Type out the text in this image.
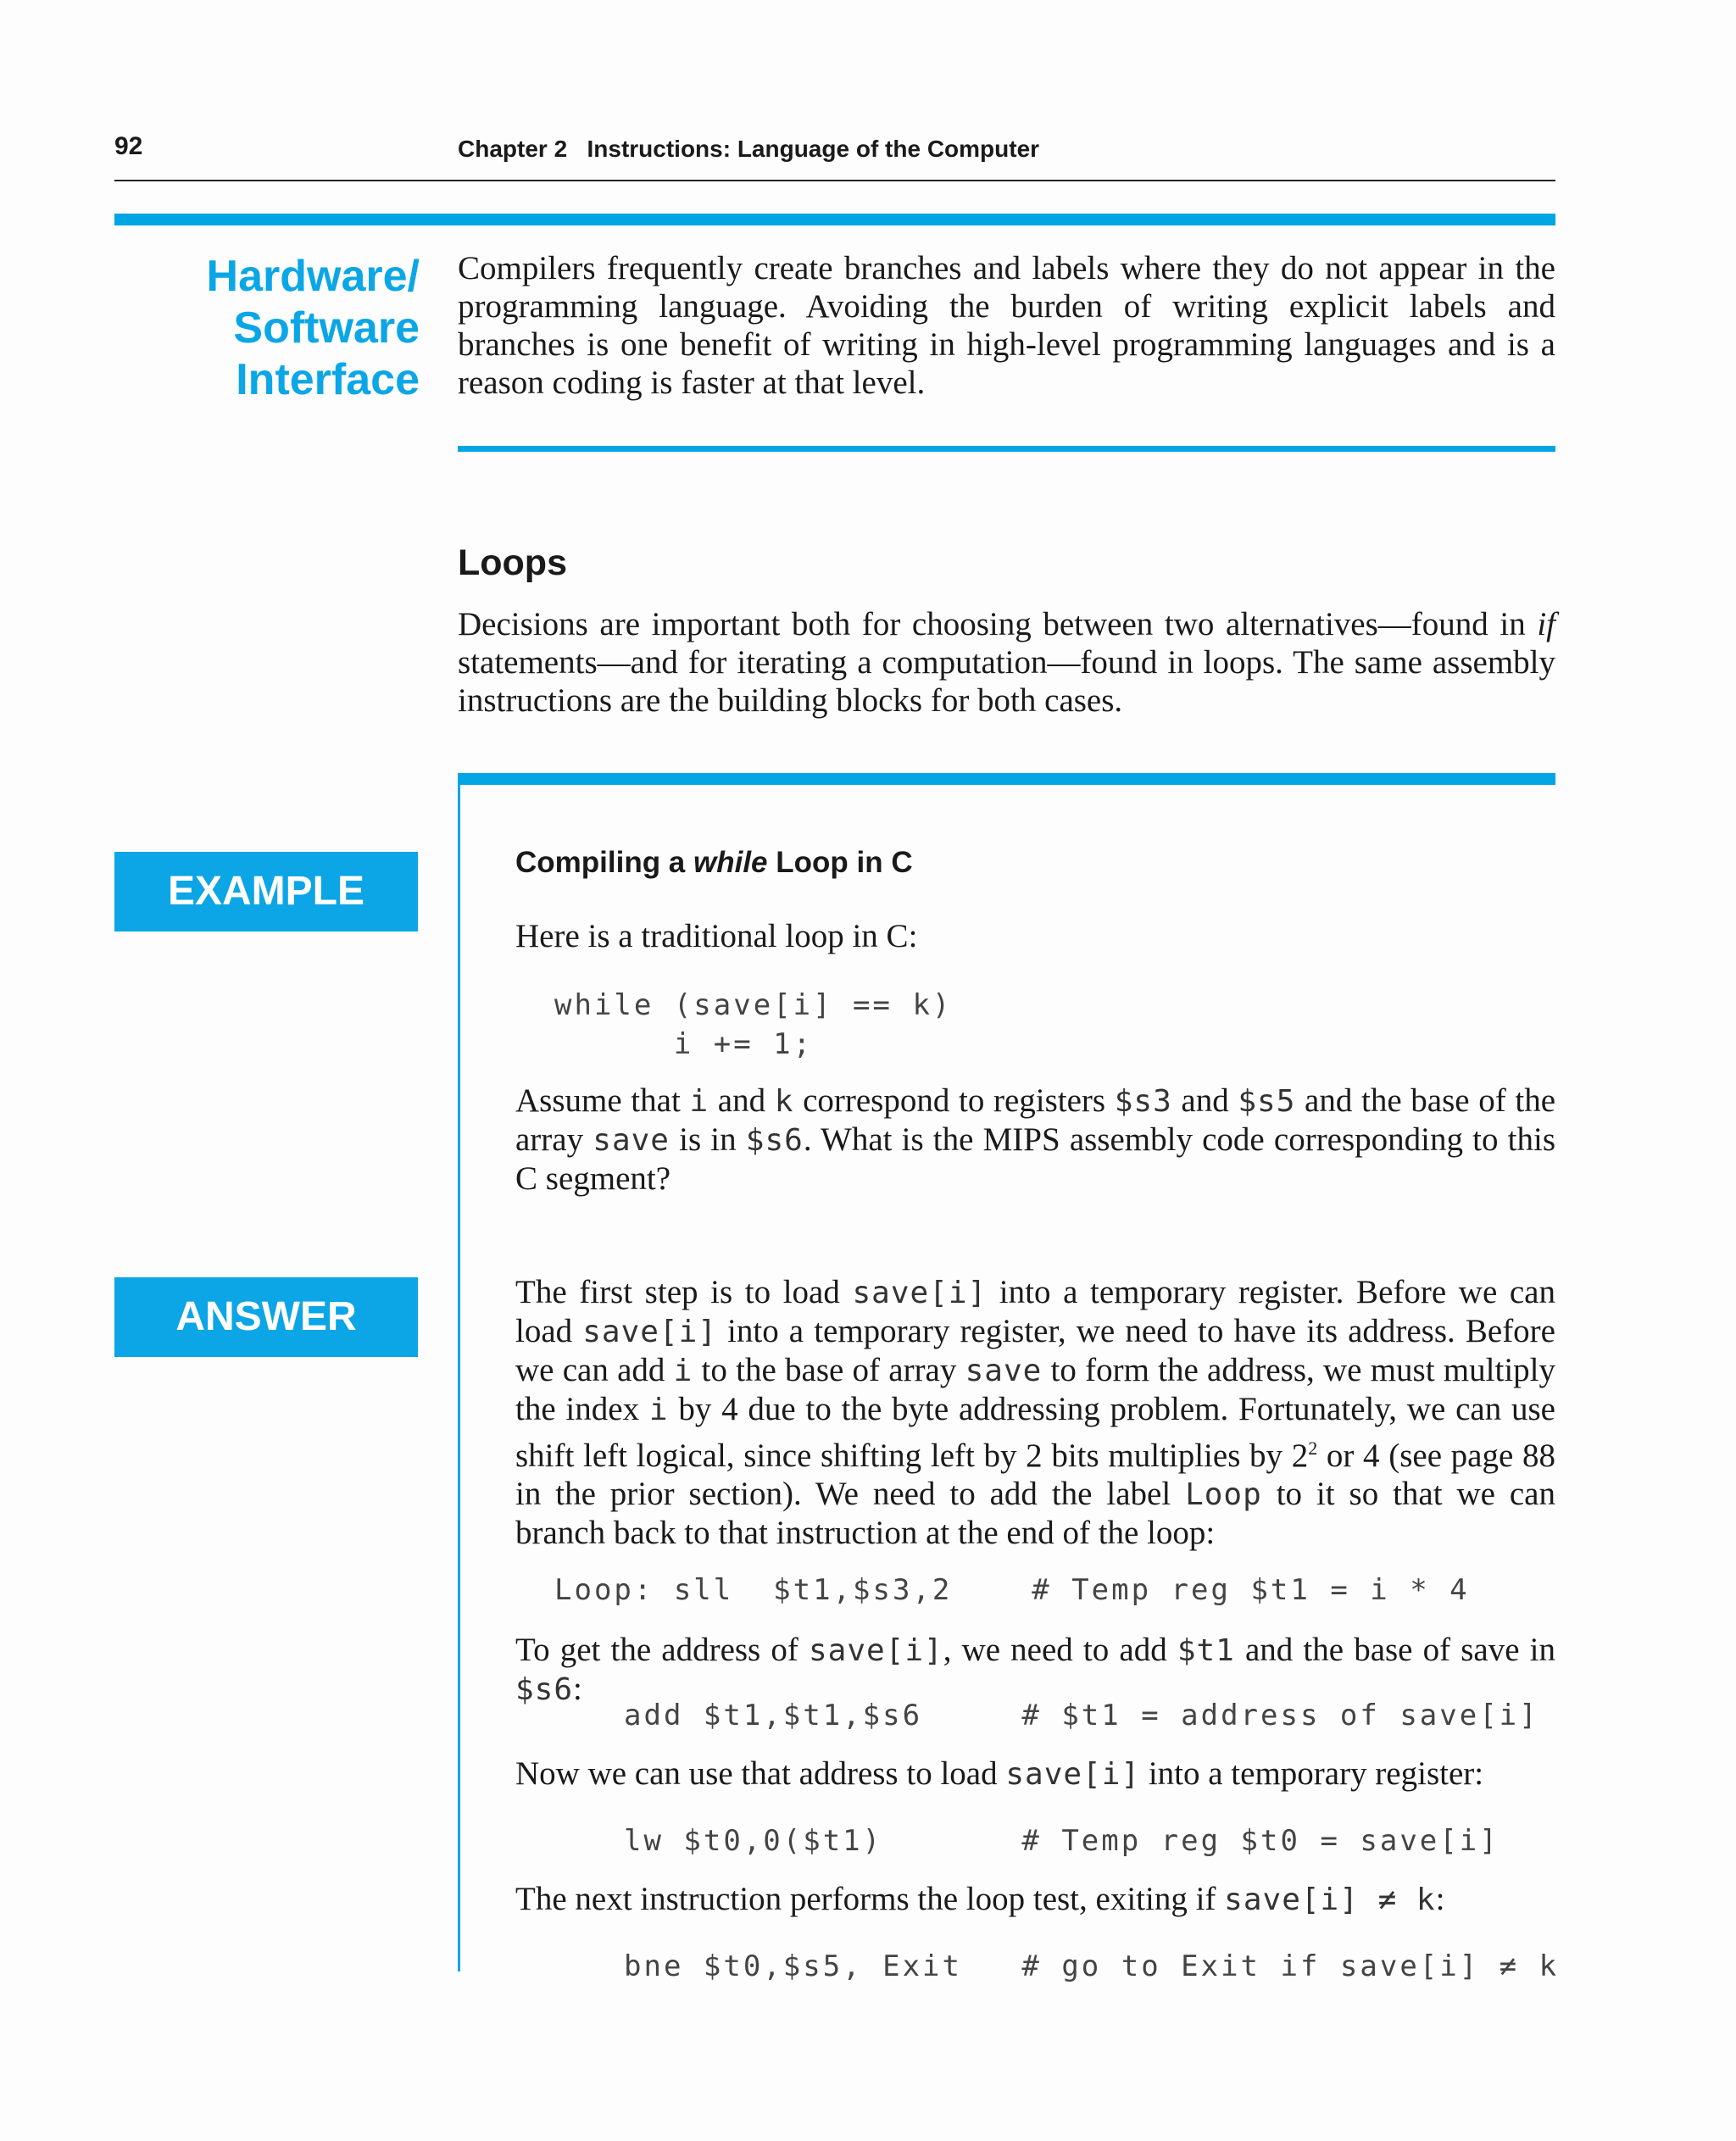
92	Chapter 2   Instructions: Language of the Computer
Hardware/
Software
Interface
Compilers frequently create branches and labels where they do not appear in the programming language. Avoiding the burden of writing explicit labels and branches is one benefit of writing in high-level programming languages and is a reason coding is faster at that level.
Loops
Decisions are important both for choosing between two alternatives—found in if statements—and for iterating a computation—found in loops. The same assembly instructions are the building blocks for both cases.
EXAMPLE
ANSWER
Compiling a while Loop in C
Here is a traditional loop in C:
while (save[i] == k)
i += 1;
Assume that i and k correspond to registers $s3 and $s5 and the base of the array save is in $s6. What is the MIPS assembly code corresponding to this C segment?
The first step is to load save[i] into a temporary register. Before we can load save[i] into a temporary register, we need to have its address. Before we can add i to the base of array save to form the address, we must multiply the index i by 4 due to the byte addressing problem. Fortunately, we can use shift left logical, since shifting left by 2 bits multiplies by $2^2$ or 4 (see page 88 in the prior section). We need to add the label Loop to it so that we can branch back to that instruction at the end of the loop:
Loop: sll  $t1,$s3,2    # Temp reg $t1 = i * 4
To get the address of save[i], we need to add $t1 and the base of save in $s6:
add $t1,$t1,$s6     # $t1 = address of save[i]
Now we can use that address to load save[i] into a temporary register:
lw $t0,0($t1)       # Temp reg $t0 = save[i]
The next instruction performs the loop test, exiting if save[i] ≠ k:
bne $t0,$s5, Exit   # go to Exit if save[i] ≠ k
